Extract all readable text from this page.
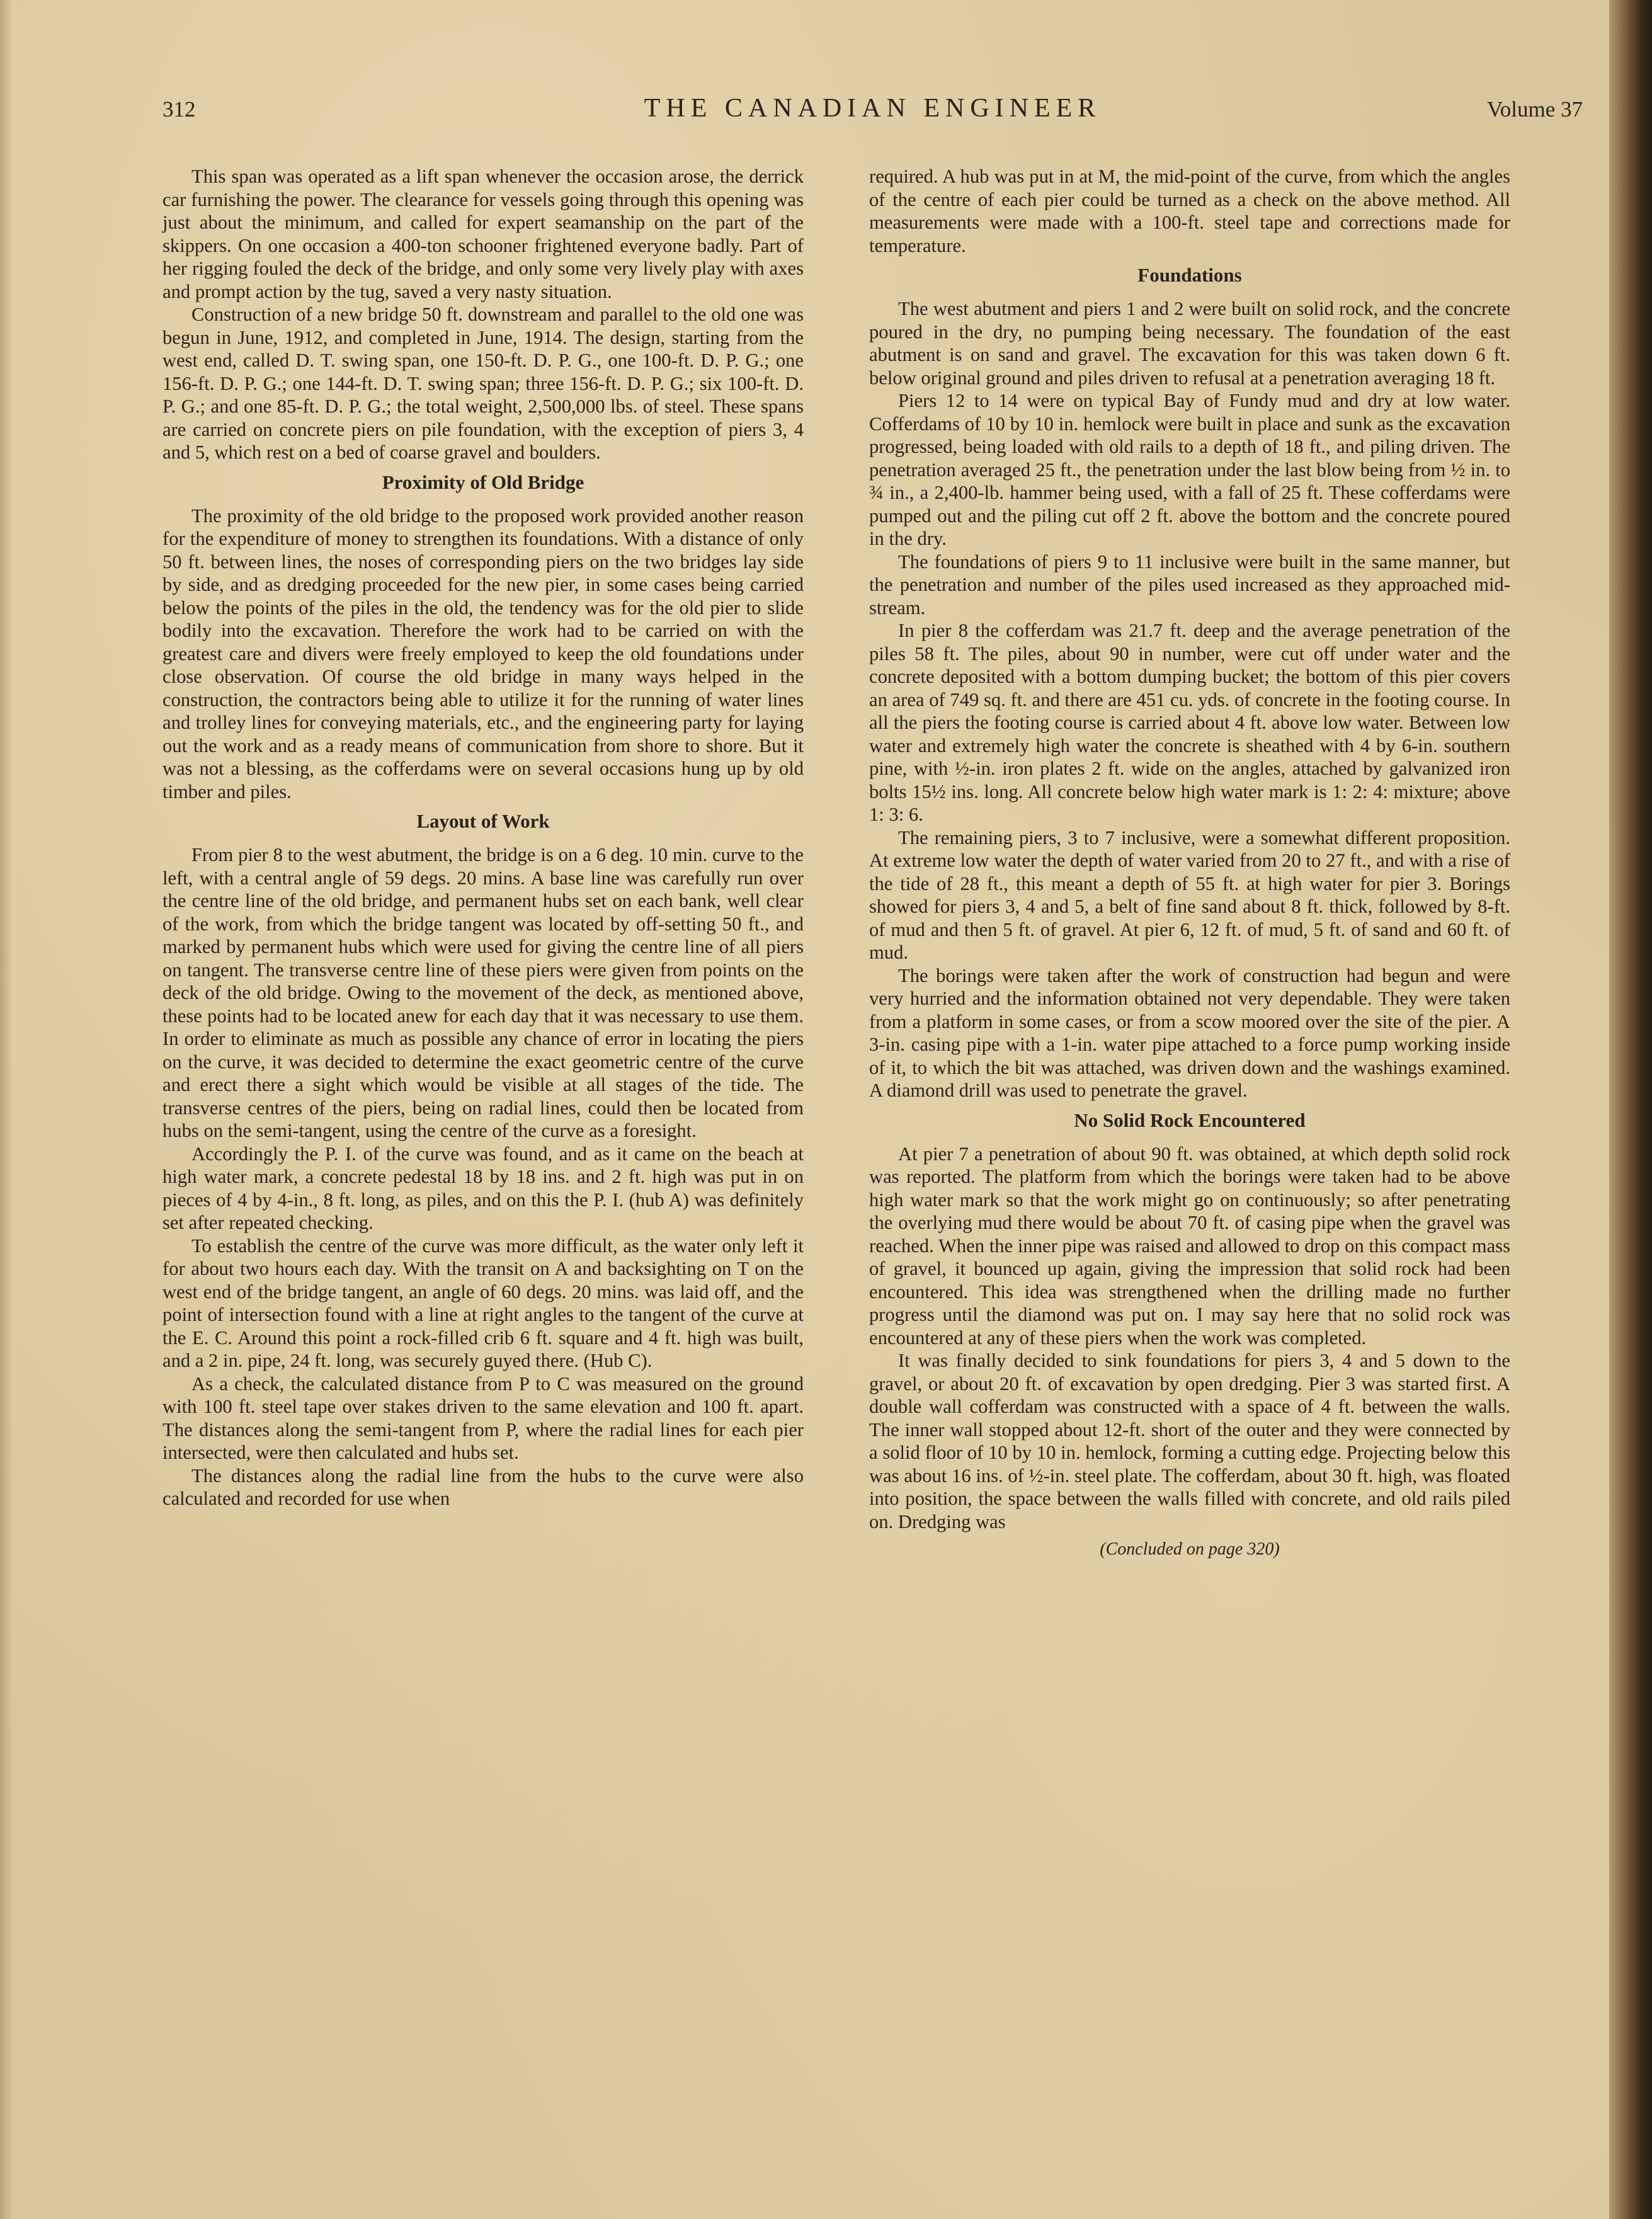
312	THE CANADIAN ENGINEER	Volume 37

This span was operated as a lift span whenever the occasion arose, the derrick car furnishing the power. The clearance for vessels going through this opening was just about the minimum, and called for expert seamanship on the part of the skippers. On one occasion a 400-ton schooner frightened everyone badly. Part of her rigging fouled the deck of the bridge, and only some very lively play with axes and prompt action by the tug, saved a very nasty situation.

Construction of a new bridge 50 ft. downstream and parallel to the old one was begun in June, 1912, and completed in June, 1914. The design, starting from the west end, called D. T. swing span, one 150-ft. D. P. G., one 100-ft. D. P. G.; one 156-ft. D. P. G.; one 144-ft. D. T. swing span; three 156-ft. D. P. G.; six 100-ft. D. P. G.; and one 85-ft. D. P. G.; the total weight, 2,500,000 lbs. of steel. These spans are carried on concrete piers on pile foundation, with the exception of piers 3, 4 and 5, which rest on a bed of coarse gravel and boulders.

Proximity of Old Bridge

The proximity of the old bridge to the proposed work provided another reason for the expenditure of money to strengthen its foundations. With a distance of only 50 ft. between lines, the noses of corresponding piers on the two bridges lay side by side, and as dredging proceeded for the new pier, in some cases being carried below the points of the piles in the old, the tendency was for the old pier to slide bodily into the excavation. Therefore the work had to be carried on with the greatest care and divers were freely employed to keep the old foundations under close observation. Of course the old bridge in many ways helped in the construction, the contractors being able to utilize it for the running of water lines and trolley lines for conveying materials, etc., and the engineering party for laying out the work and as a ready means of communication from shore to shore. But it was not a blessing, as the cofferdams were on several occasions hung up by old timber and piles.

Layout of Work

From pier 8 to the west abutment, the bridge is on a 6 deg. 10 min. curve to the left, with a central angle of 59 degs. 20 mins. A base line was carefully run over the centre line of the old bridge, and permanent hubs set on each bank, well clear of the work, from which the bridge tangent was located by off-setting 50 ft., and marked by permanent hubs which were used for giving the centre line of all piers on tangent. The transverse centre line of these piers were given from points on the deck of the old bridge. Owing to the movement of the deck, as mentioned above, these points had to be located anew for each day that it was necessary to use them. In order to eliminate as much as possible any chance of error in locating the piers on the curve, it was decided to determine the exact geometric centre of the curve and erect there a sight which would be visible at all stages of the tide. The transverse centres of the piers, being on radial lines, could then be located from hubs on the semi-tangent, using the centre of the curve as a foresight.

Accordingly the P. I. of the curve was found, and as it came on the beach at high water mark, a concrete pedestal 18 by 18 ins. and 2 ft. high was put in on pieces of 4 by 4-in., 8 ft. long, as piles, and on this the P. I. (hub A) was definitely set after repeated checking.

To establish the centre of the curve was more difficult, as the water only left it for about two hours each day. With the transit on A and backsighting on T on the west end of the bridge tangent, an angle of 60 degs. 20 mins. was laid off, and the point of intersection found with a line at right angles to the tangent of the curve at the E. C. Around this point a rock-filled crib 6 ft. square and 4 ft. high was built, and a 2 in. pipe, 24 ft. long, was securely guyed there. (Hub C).

As a check, the calculated distance from P to C was measured on the ground with 100 ft. steel tape over stakes driven to the same elevation and 100 ft. apart. The distances along the semi-tangent from P, where the radial lines for each pier intersected, were then calculated and hubs set.

The distances along the radial line from the hubs to the curve were also calculated and recorded for use when

required. A hub was put in at M, the mid-point of the curve, from which the angles of the centre of each pier could be turned as a check on the above method. All measurements were made with a 100-ft. steel tape and corrections made for temperature.

Foundations

The west abutment and piers 1 and 2 were built on solid rock, and the concrete poured in the dry, no pumping being necessary. The foundation of the east abutment is on sand and gravel. The excavation for this was taken down 6 ft. below original ground and piles driven to refusal at a penetration averaging 18 ft.

Piers 12 to 14 were on typical Bay of Fundy mud and dry at low water. Cofferdams of 10 by 10 in. hemlock were built in place and sunk as the excavation progressed, being loaded with old rails to a depth of 18 ft., and piling driven. The penetration averaged 25 ft., the penetration under the last blow being from ½ in. to ¾ in., a 2,400-lb. hammer being used, with a fall of 25 ft. These cofferdams were pumped out and the piling cut off 2 ft. above the bottom and the concrete poured in the dry.

The foundations of piers 9 to 11 inclusive were built in the same manner, but the penetration and number of the piles used increased as they approached mid-stream.

In pier 8 the cofferdam was 21.7 ft. deep and the average penetration of the piles 58 ft. The piles, about 90 in number, were cut off under water and the concrete deposited with a bottom dumping bucket; the bottom of this pier covers an area of 749 sq. ft. and there are 451 cu. yds. of concrete in the footing course. In all the piers the footing course is carried about 4 ft. above low water. Between low water and extremely high water the concrete is sheathed with 4 by 6-in. southern pine, with ½-in. iron plates 2 ft. wide on the angles, attached by galvanized iron bolts 15½ ins. long. All concrete below high water mark is 1: 2: 4: mixture; above 1: 3: 6.

The remaining piers, 3 to 7 inclusive, were a somewhat different proposition. At extreme low water the depth of water varied from 20 to 27 ft., and with a rise of the tide of 28 ft., this meant a depth of 55 ft. at high water for pier 3. Borings showed for piers 3, 4 and 5, a belt of fine sand about 8 ft. thick, followed by 8-ft. of mud and then 5 ft. of gravel. At pier 6, 12 ft. of mud, 5 ft. of sand and 60 ft. of mud.

The borings were taken after the work of construction had begun and were very hurried and the information obtained not very dependable. They were taken from a platform in some cases, or from a scow moored over the site of the pier. A 3-in. casing pipe with a 1-in. water pipe attached to a force pump working inside of it, to which the bit was attached, was driven down and the washings examined. A diamond drill was used to penetrate the gravel.

No Solid Rock Encountered

At pier 7 a penetration of about 90 ft. was obtained, at which depth solid rock was reported. The platform from which the borings were taken had to be above high water mark so that the work might go on continuously; so after penetrating the overlying mud there would be about 70 ft. of casing pipe when the gravel was reached. When the inner pipe was raised and allowed to drop on this compact mass of gravel, it bounced up again, giving the impression that solid rock had been encountered. This idea was strengthened when the drilling made no further progress until the diamond was put on. I may say here that no solid rock was encountered at any of these piers when the work was completed.

It was finally decided to sink foundations for piers 3, 4 and 5 down to the gravel, or about 20 ft. of excavation by open dredging. Pier 3 was started first. A double wall cofferdam was constructed with a space of 4 ft. between the walls. The inner wall stopped about 12-ft. short of the outer and they were connected by a solid floor of 10 by 10 in. hemlock, forming a cutting edge. Projecting below this was about 16 ins. of ½-in. steel plate. The cofferdam, about 30 ft. high, was floated into position, the space between the walls filled with concrete, and old rails piled on. Dredging was

(Concluded on page 320)
